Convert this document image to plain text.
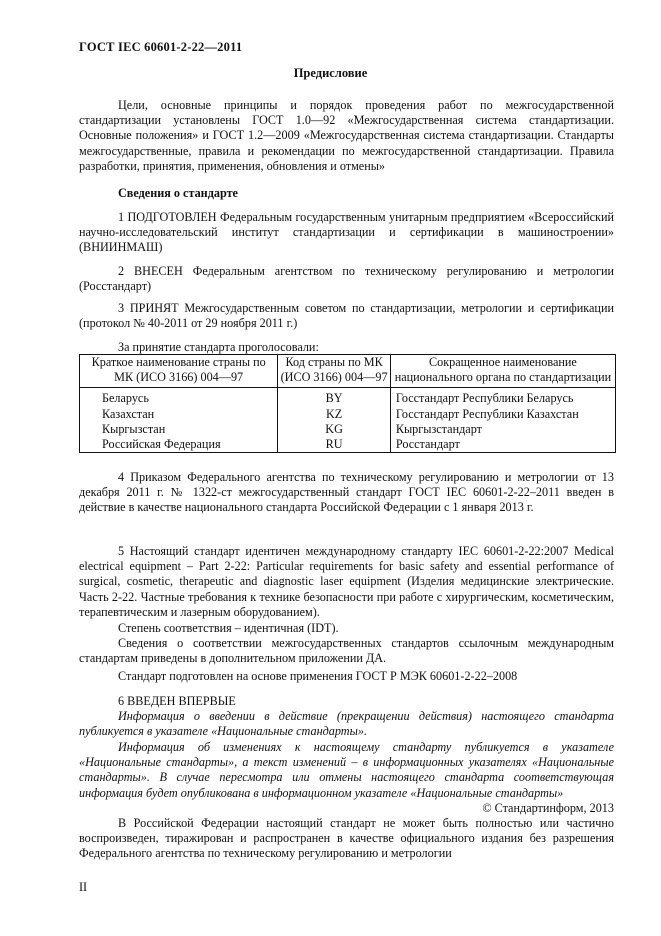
ГОСТ IEC 60601-2-22—2011
Предисловие

Цели, основные принципы и порядок проведения работ по межгосударственной стандартизации установлены ГОСТ 1.0—92 «Межгосударственная система стандартизации. Основные положения» и ГОСТ 1.2—2009 «Межгосударственная система стандартизации. Стандарты межгосударственные, правила и рекомендации по межгосударственной стандартизации. Правила разработки, принятия, применения, обновления и отмены»

Сведения о стандарте

1 ПОДГОТОВЛЕН Федеральным государственным унитарным предприятием «Всероссийский научно-исследовательский институт стандартизации и сертификации в машиностроении» (ВНИИНМАШ)

2 ВНЕСЕН Федеральным агентством по техническому регулированию и метрологии (Росстандарт)

3 ПРИНЯТ Межгосударственным советом по стандартизации, метрологии и сертификации (протокол № 40-2011 от 29 ноября 2011 г.)

За принятие стандарта проголосовали:
Краткое наименование страны по МК (ИСО 3166) 004—97	Код страны по МК (ИСО 3166) 004—97	Сокращенное наименование национального органа по стандартизации
Беларусь	BY	Госстандарт Республики Беларусь
Казахстан	KZ	Госстандарт Республики Казахстан
Кыргызстан	KG	Кыргызстандарт
Российская Федерация	RU	Росстандарт

4 Приказом Федерального агентства по техническому регулированию и метрологии от 13 декабря 2011 г. № 1322-ст межгосударственный стандарт ГОСТ IEC 60601-2-22–2011 введен в действие в качестве национального стандарта Российской Федерации с 1 января 2013 г.

5 Настоящий стандарт идентичен международному стандарту IEC 60601-2-22:2007 Medical electrical equipment – Part 2-22: Particular requirements for basic safety and essential performance of surgical, cosmetic, therapeutic and diagnostic laser equipment (Изделия медицинские электрические. Часть 2-22. Частные требования к технике безопасности при работе с хирургическим, косметическим, терапевтическим и лазерным оборудованием).

Степень соответствия – идентичная (IDT).

Сведения о соответствии межгосударственных стандартов ссылочным международным стандартам приведены в дополнительном приложении ДА.

Стандарт подготовлен на основе применения ГОСТ Р МЭК 60601-2-22–2008

6 ВВЕДЕН ВПЕРВЫЕ

Информация о введении в действие (прекращении действия) настоящего стандарта публикуется в указателе «Национальные стандарты».

Информация об изменениях к настоящему стандарту публикуется в указателе «Национальные стандарты», а текст изменений – в информационных указателях «Национальные стандарты». В случае пересмотра или отмены настоящего стандарта соответствующая информация будет опубликована в информационном указателе «Национальные стандарты»

© Стандартинформ, 2013

В Российской Федерации настоящий стандарт не может быть полностью или частично воспроизведен, тиражирован и распространен в качестве официального издания без разрешения Федерального агентства по техническому регулированию и метрологии

II
